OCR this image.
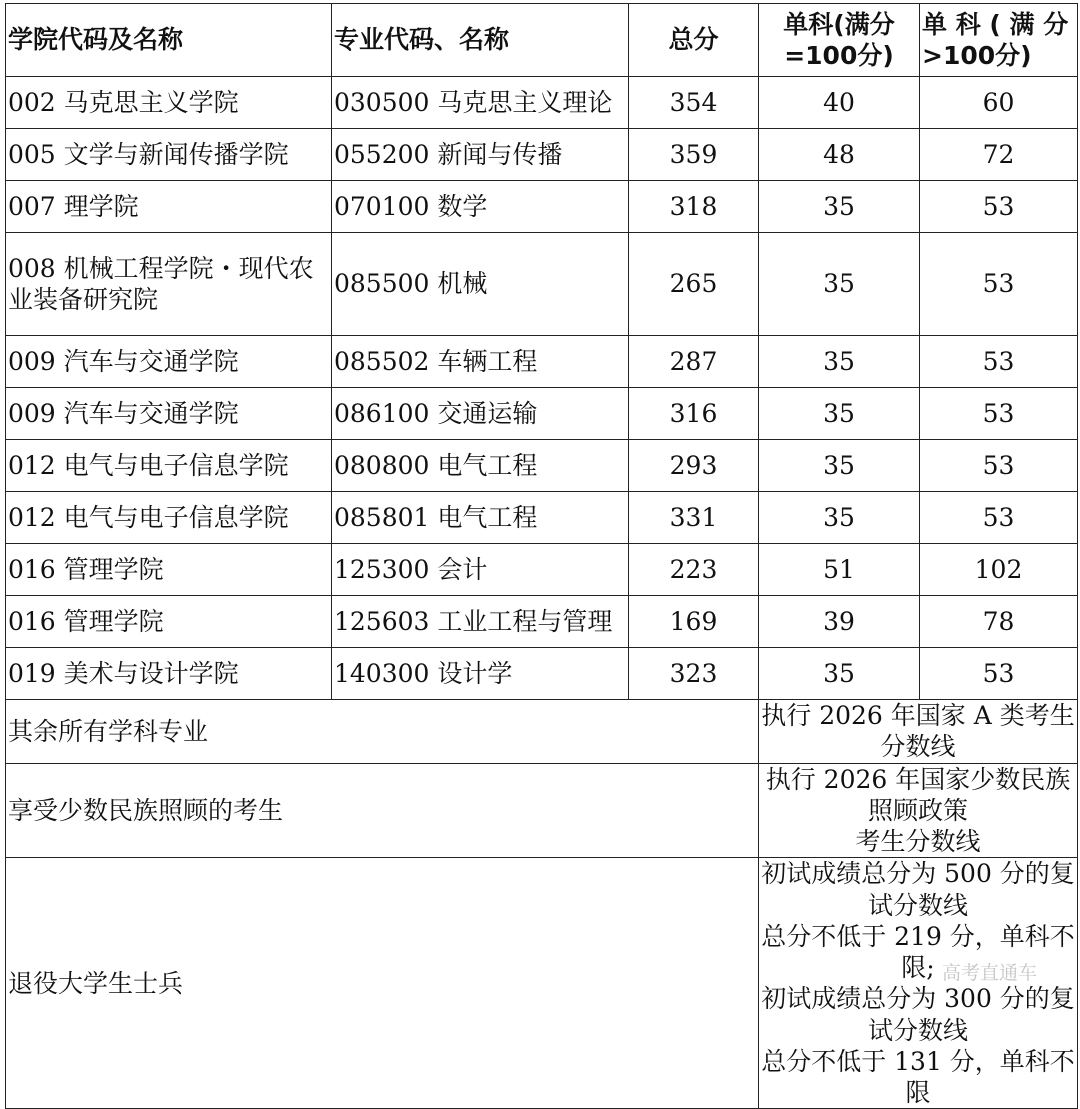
学院代码及名称	专业代码、名称	总分	单科(满分=100分)	单 科 ( 满 分>100分)
002 马克思主义学院	030500 马克思主义理论	354	40	60
005 文学与新闻传播学院	055200 新闻与传播	359	48	72
007 理学院	070100 数学	318	35	53
008 机械工程学院・现代农业装备研究院	085500 机械	265	35	53
009 汽车与交通学院	085502 车辆工程	287	35	53
009 汽车与交通学院	086100 交通运输	316	35	53
012 电气与电子信息学院	080800 电气工程	293	35	53
012 电气与电子信息学院	085801 电气工程	331	35	53
016 管理学院	125300 会计	223	51	102
016 管理学院	125603 工业工程与管理	169	39	78
019 美术与设计学院	140300 设计学	323	35	53
其余所有学科专业			执行 2026 年国家 A 类考生分数线	

享受少数民族照顾的考生			执行 2026 年国家少数民族照顾政策
考生分数线	

退役大学生士兵			初试成绩总分为 500 分的复试分数线
总分不低于 219 分，单科不限;
初试成绩总分为 300 分的复试分数线
总分不低于 131 分，单科不限	
高考直通车
